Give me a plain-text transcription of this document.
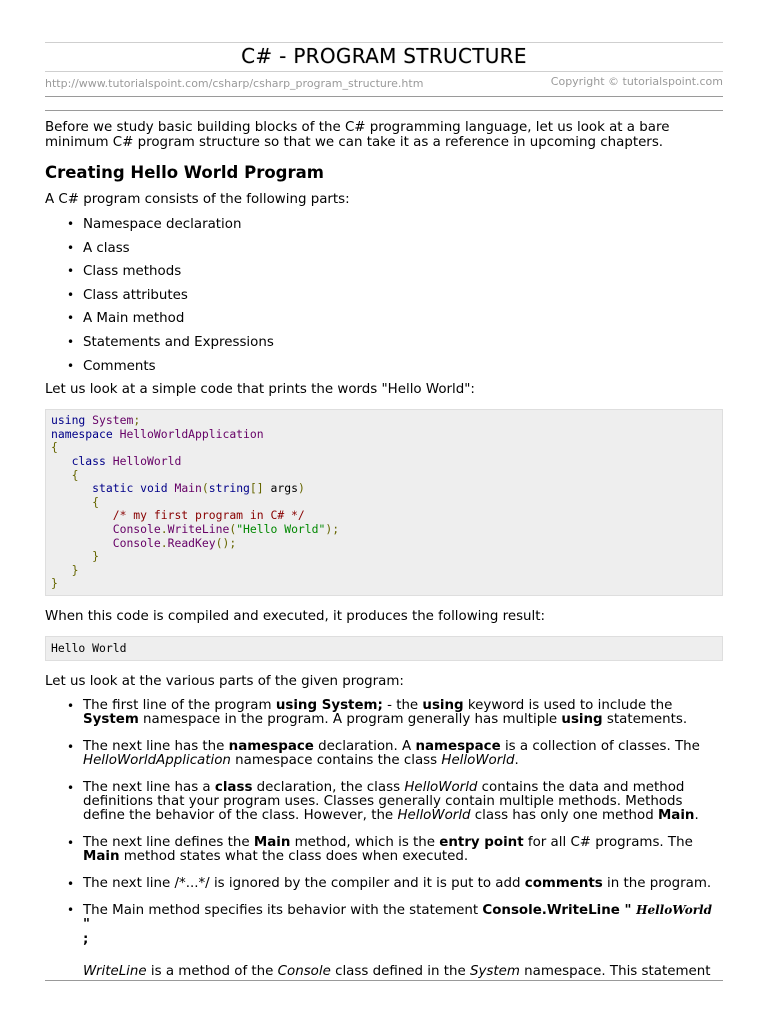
C# - PROGRAM STRUCTURE
http://www.tutorialspoint.com/csharp/csharp_program_structure.htm	Copyright © tutorialspoint.com

Before we study basic building blocks of the C# programming language, let us look at a bare minimum C# program structure so that we can take it as a reference in upcoming chapters.

Creating Hello World Program

A C# program consists of the following parts:

• Namespace declaration
• A class
• Class methods
• Class attributes
• A Main method
• Statements and Expressions
• Comments

Let us look at a simple code that prints the words "Hello World":

using System;
namespace HelloWorldApplication
{
class HelloWorld
{
static void Main(string[] args)
{
/* my first program in C# */
Console.WriteLine("Hello World");
Console.ReadKey();
}
}
}

When this code is compiled and executed, it produces the following result:

Hello World

Let us look at the various parts of the given program:

• The first line of the program using System; - the using keyword is used to include the System namespace in the program. A program generally has multiple using statements.
• The next line has the namespace declaration. A namespace is a collection of classes. The HelloWorldApplication namespace contains the class HelloWorld.
• The next line has a class declaration, the class HelloWorld contains the data and method definitions that your program uses. Classes generally contain multiple methods. Methods define the behavior of the class. However, the HelloWorld class has only one method Main.
• The next line defines the Main method, which is the entry point for all C# programs. The Main method states what the class does when executed.
• The next line /*...*/ is ignored by the compiler and it is put to add comments in the program.
• The Main method specifies its behavior with the statement Console.WriteLine " HelloWorld "
;
WriteLine is a method of the Console class defined in the System namespace. This statement
